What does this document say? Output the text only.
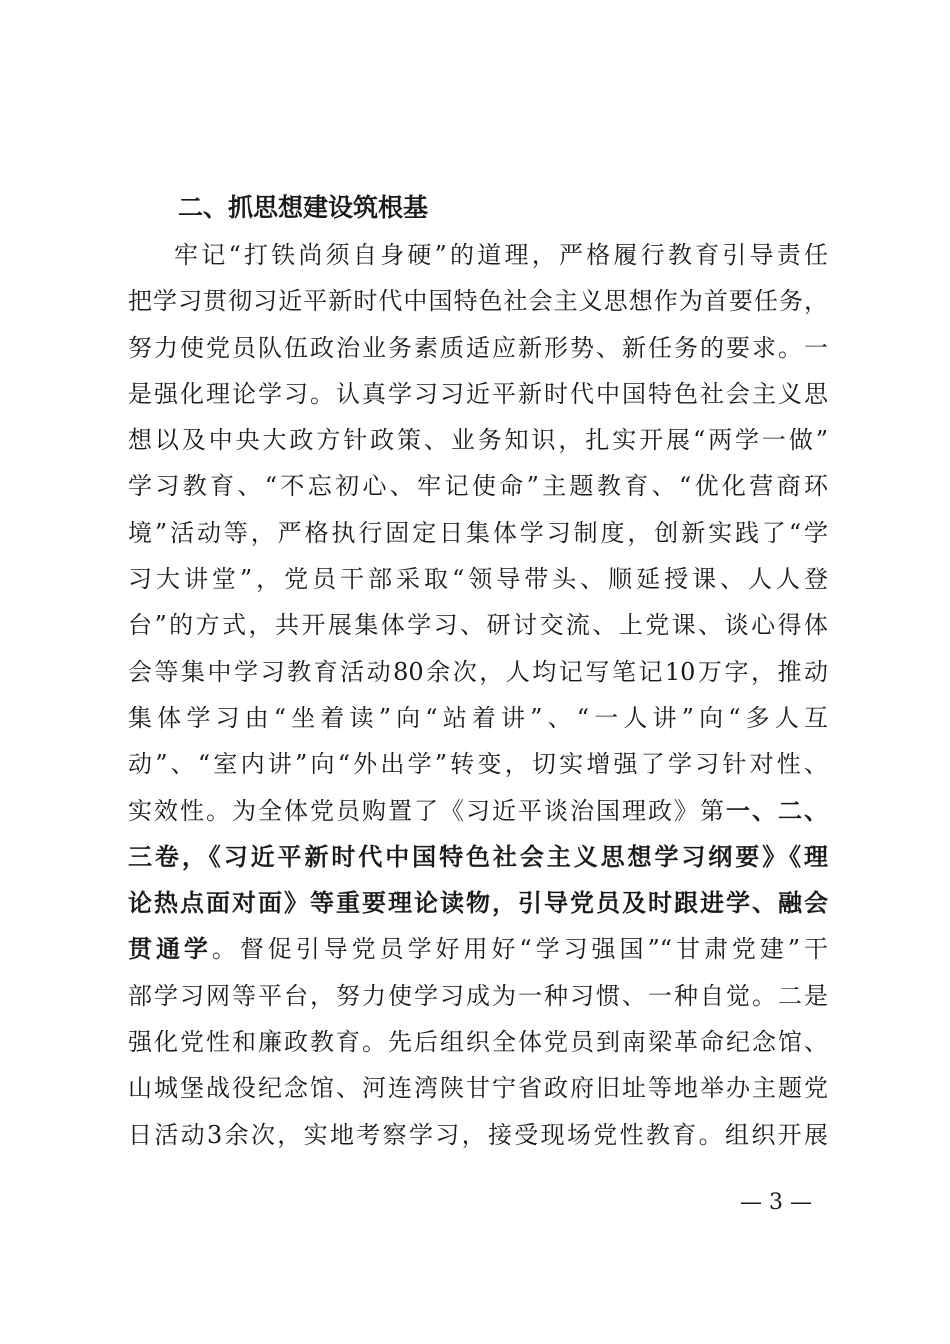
二、抓思想建设筑根基
牢记“打铁尚须自身硬”的道理，严格履行教育引导责任
把学习贯彻习近平新时代中国特色社会主义思想作为首要任务，
努力使党员队伍政治业务素质适应新形势、新任务的要求。一
是强化理论学习。认真学习习近平新时代中国特色社会主义思
想以及中央大政方针政策、业务知识，扎实开展“两学一做”
学习教育、“不忘初心、牢记使命”主题教育、“优化营商环
境”活动等，严格执行固定日集体学习制度，创新实践了“学
习大讲堂”，党员干部采取“领导带头、顺延授课、人人登
台”的方式，共开展集体学习、研讨交流、上党课、谈心得体
会等集中学习教育活动80余次，人均记写笔记10万字，推动
集体学习由“坐着读”向“站着讲”、“一人讲”向“多人互
动”、“室内讲”向“外出学”转变，切实增强了学习针对性、
实效性。为全体党员购置了《习近平谈治国理政》第一、二、
三卷，《习近平新时代中国特色社会主义思想学习纲要》《理
论热点面对面》等重要理论读物，引导党员及时跟进学、融会
贯通学。督促引导党员学好用好“学习强国”“甘肃党建”干
部学习网等平台，努力使学习成为一种习惯、一种自觉。二是
强化党性和廉政教育。先后组织全体党员到南梁革命纪念馆、
山城堡战役纪念馆、河连湾陕甘宁省政府旧址等地举办主题党
日活动3余次，实地考察学习，接受现场党性教育。组织开展
— 3 —
